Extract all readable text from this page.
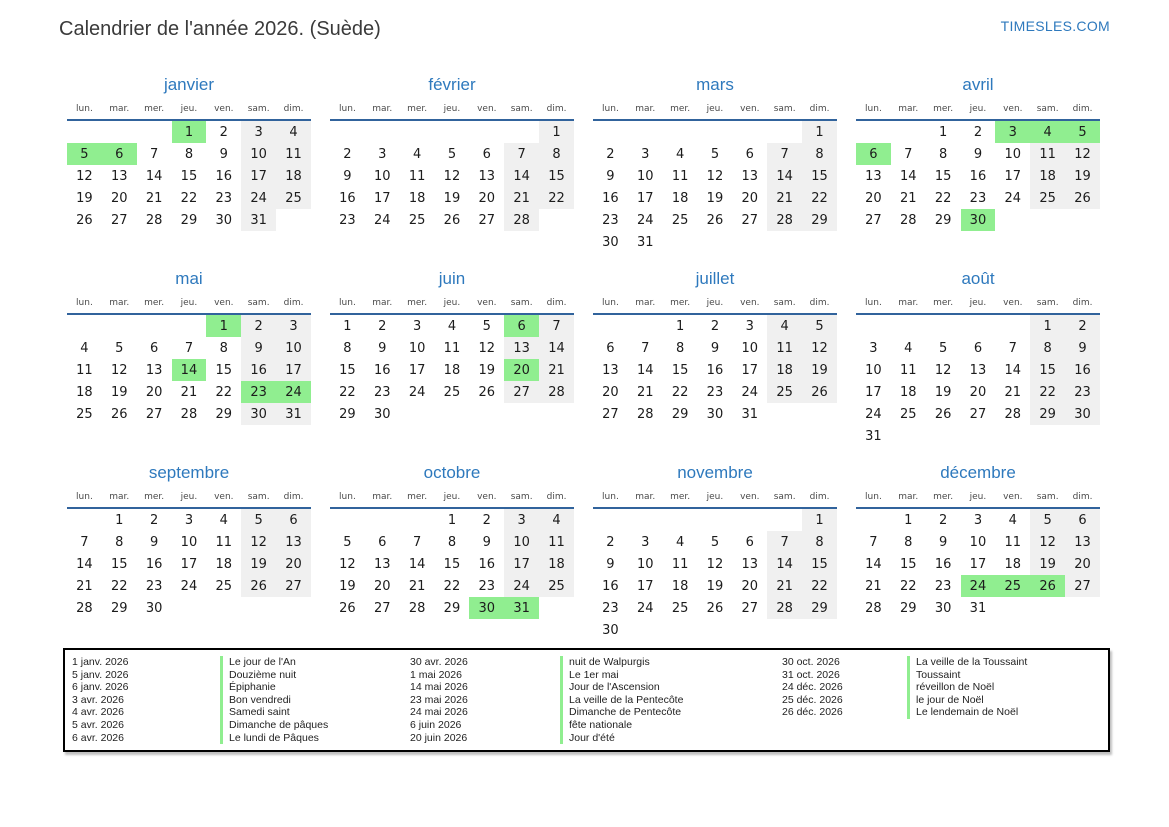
Calendrier de l'année 2026. (Suède)	TIMESLES.COM
janvier
lun.	mar.	mer.	jeu.	ven.	sam.	dim.
			1	2	3	4
5	6	7	8	9	10	11
12	13	14	15	16	17	18
19	20	21	22	23	24	25
26	27	28	29	30	31	
février
lun.	mar.	mer.	jeu.	ven.	sam.	dim.
						1
2	3	4	5	6	7	8
9	10	11	12	13	14	15
16	17	18	19	20	21	22
23	24	25	26	27	28	
mars
lun.	mar.	mer.	jeu.	ven.	sam.	dim.
						1
2	3	4	5	6	7	8
9	10	11	12	13	14	15
16	17	18	19	20	21	22
23	24	25	26	27	28	29
30	31					
avril
lun.	mar.	mer.	jeu.	ven.	sam.	dim.
		1	2	3	4	5
6	7	8	9	10	11	12
13	14	15	16	17	18	19
20	21	22	23	24	25	26
27	28	29	30			
mai
lun.	mar.	mer.	jeu.	ven.	sam.	dim.
				1	2	3
4	5	6	7	8	9	10
11	12	13	14	15	16	17
18	19	20	21	22	23	24
25	26	27	28	29	30	31
juin
lun.	mar.	mer.	jeu.	ven.	sam.	dim.
1	2	3	4	5	6	7
8	9	10	11	12	13	14
15	16	17	18	19	20	21
22	23	24	25	26	27	28
29	30					
juillet
lun.	mar.	mer.	jeu.	ven.	sam.	dim.
		1	2	3	4	5
6	7	8	9	10	11	12
13	14	15	16	17	18	19
20	21	22	23	24	25	26
27	28	29	30	31		
août
lun.	mar.	mer.	jeu.	ven.	sam.	dim.
					1	2
3	4	5	6	7	8	9
10	11	12	13	14	15	16
17	18	19	20	21	22	23
24	25	26	27	28	29	30
31						
septembre
lun.	mar.	mer.	jeu.	ven.	sam.	dim.
	1	2	3	4	5	6
7	8	9	10	11	12	13
14	15	16	17	18	19	20
21	22	23	24	25	26	27
28	29	30				
octobre
lun.	mar.	mer.	jeu.	ven.	sam.	dim.
			1	2	3	4
5	6	7	8	9	10	11
12	13	14	15	16	17	18
19	20	21	22	23	24	25
26	27	28	29	30	31	
novembre
lun.	mar.	mer.	jeu.	ven.	sam.	dim.
						1
2	3	4	5	6	7	8
9	10	11	12	13	14	15
16	17	18	19	20	21	22
23	24	25	26	27	28	29
30						
décembre
lun.	mar.	mer.	jeu.	ven.	sam.	dim.
	1	2	3	4	5	6
7	8	9	10	11	12	13
14	15	16	17	18	19	20
21	22	23	24	25	26	27
28	29	30	31			
1 janv. 2026	Le jour de l'An
5 janv. 2026	Douzième nuit
6 janv. 2026	Épiphanie
3 avr. 2026	Bon vendredi
4 avr. 2026	Samedi saint
5 avr. 2026	Dimanche de pâques
6 avr. 2026	Le lundi de Pâques
30 avr. 2026	nuit de Walpurgis
1 mai 2026	Le 1er mai
14 mai 2026	Jour de l'Ascension
23 mai 2026	La veille de la Pentecôte
24 mai 2026	Dimanche de Pentecôte
6 juin 2026	fête nationale
20 juin 2026	Jour d'été
30 oct. 2026	La veille de la Toussaint
31 oct. 2026	Toussaint
24 déc. 2026	réveillon de Noël
25 déc. 2026	le jour de Noël
26 déc. 2026	Le lendemain de Noël
